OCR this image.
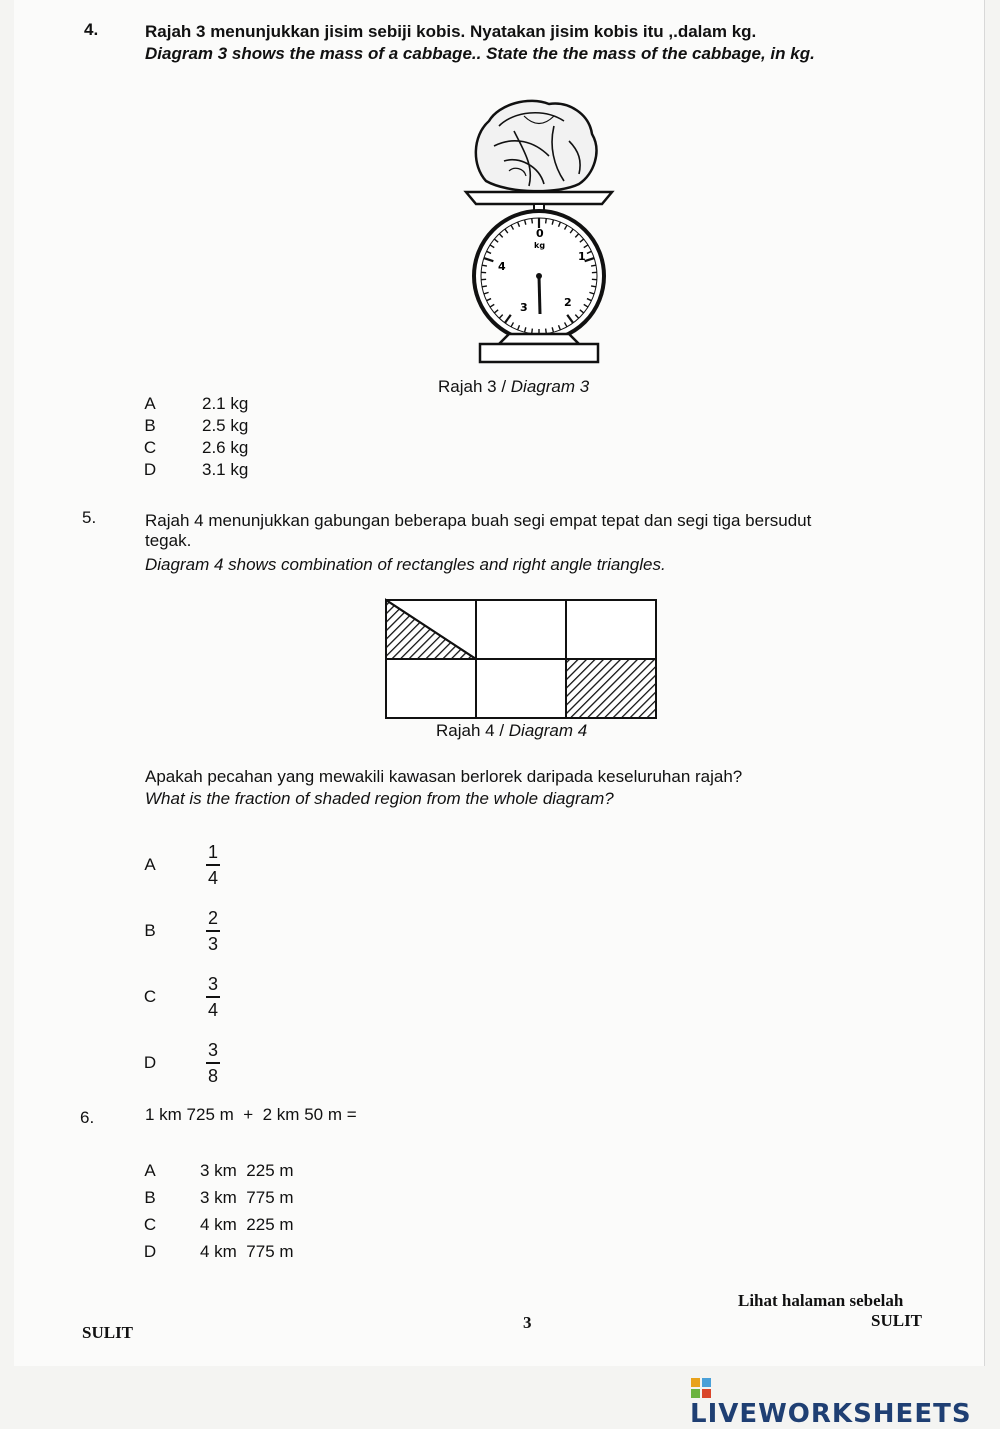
4.	Rajah 3 menunjukkan jisim sebiji kobis. Nyatakan jisim kobis itu ,.dalam kg.
Diagram 3 shows the mass of a cabbage.. State the the mass of the cabbage, in kg.
0
kg
1
2
3
4
Rajah 3 / Diagram 3
A	2.1 kg
B	2.5 kg
C	2.6 kg
D	3.1 kg
5.	Rajah 4 menunjukkan gabungan beberapa buah segi empat tepat dan segi tiga bersudut
tegak.
Diagram 4 shows combination of rectangles and right angle triangles.
Rajah 4 / Diagram 4
Apakah pecahan yang mewakili kawasan berlorek daripada keseluruhan rajah?
What is the fraction of shaded region from the whole diagram?
A	$\frac{1}{4}$
B	$\frac{2}{3}$
C	$\frac{3}{4}$
D	$\frac{3}{8}$
6.	1 km 725 m  +  2 km 50 m =
A	3 km  225 m
B	3 km  775 m
C	4 km  225 m
D	4 km  775 m
Lihat halaman sebelah
SULIT
3	SULIT
LIVEWORKSHEETS
